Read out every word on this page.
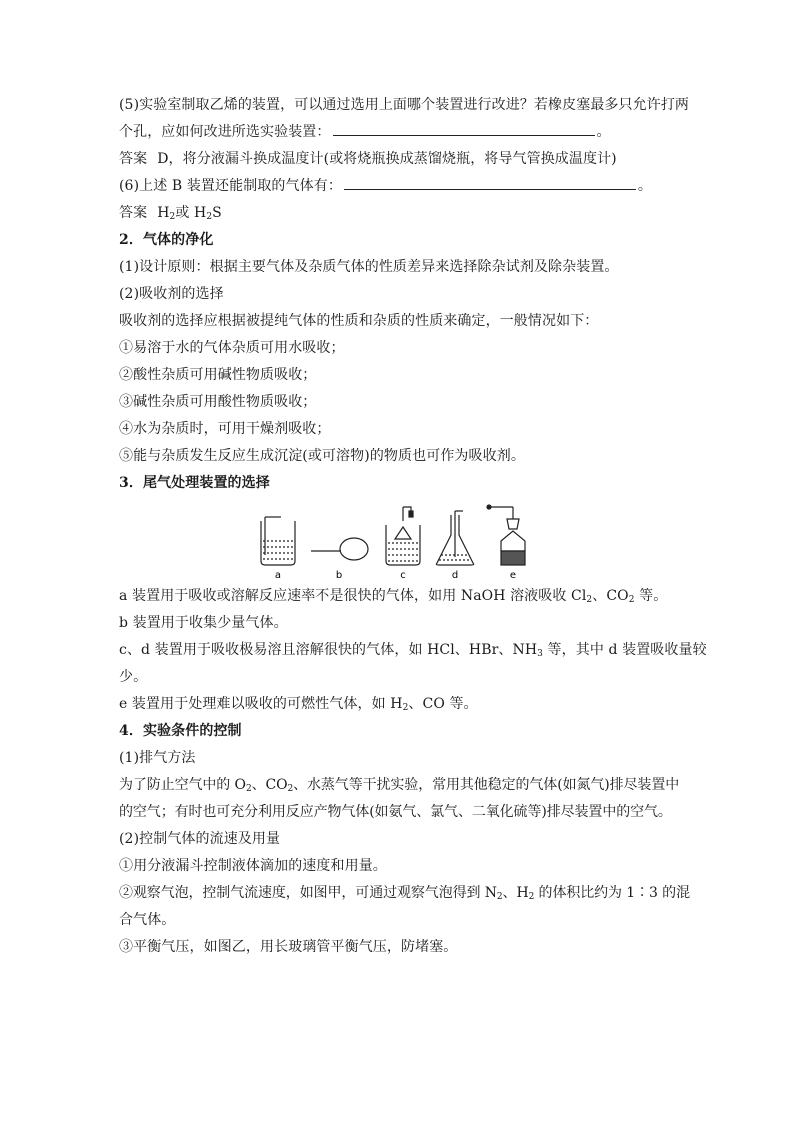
(5)实验室制取乙烯的装置，可以通过选用上面哪个装置进行改进？若橡皮塞最多只允许打两
个孔，应如何改进所选实验装置：	。
答案 D，将分液漏斗换成温度计(或将烧瓶换成蒸馏烧瓶，将导气管换成温度计)
(6)上述 B 装置还能制取的气体有：	。
答案 $H_2$或 $H_2S$
2．气体的净化
(1)设计原则：根据主要气体及杂质气体的性质差异来选择除杂试剂及除杂装置。
(2)吸收剂的选择
吸收剂的选择应根据被提纯气体的性质和杂质的性质来确定，一般情况如下：
①易溶于水的气体杂质可用水吸收；
②酸性杂质可用碱性物质吸收；
③碱性杂质可用酸性物质吸收；
④水为杂质时，可用干燥剂吸收；
⑤能与杂质发生反应生成沉淀(或可溶物)的物质也可作为吸收剂。
3．尾气处理装置的选择
a	b	c	d	e
a 装置用于吸收或溶解反应速率不是很快的气体，如用 NaOH 溶液吸收 $Cl_2$、$CO_2$ 等。
b 装置用于收集少量气体。
c、d 装置用于吸收极易溶且溶解很快的气体，如 HCl、HBr、$NH_3$ 等，其中 d 装置吸收量较
少。
e 装置用于处理难以吸收的可燃性气体，如 $H_2$、CO 等。
4．实验条件的控制
(1)排气方法
为了防止空气中的 $O_2$、$CO_2$、水蒸气等干扰实验，常用其他稳定的气体(如氮气)排尽装置中
的空气；有时也可充分利用反应产物气体(如氨气、氯气、二氧化硫等)排尽装置中的空气。
(2)控制气体的流速及用量
①用分液漏斗控制液体滴加的速度和用量。
②观察气泡，控制气流速度，如图甲，可通过观察气泡得到 $N_2$、$H_2$ 的体积比约为 1∶3 的混
合气体。
③平衡气压，如图乙，用长玻璃管平衡气压，防堵塞。
